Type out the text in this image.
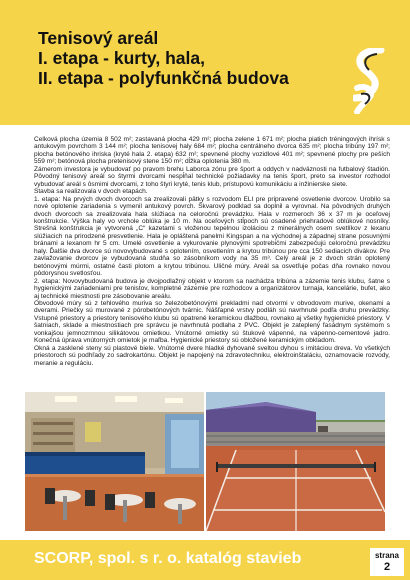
Tenisový areál
I. etapa - kurty, hala,
II. etapa - polyfunkčná budova

Celková plocha územia 8 502 m²; zastavaná plocha 429 m²; plocha zelene 1 671 m²; plocha piatich tréningových ihrísk s antukovým povrchom 3 144 m²; plocha tenisovej haly 684 m²; plocha centrálneho dvorca 635 m²; plocha tribúny 197 m²; plocha betónového ihriska (kryté hala 2. etapa) 632 m²; spevnené plochy vozidlové 401 m²; spevnené plochy pre peších 559 m²; betónová plocha pretenisový stene 150 m²; dĺžka oplotenia 380 m.

Zámerom investora je vybudovať po pravom brehu Laborca zónu pre šport a oddych v nadväznosti na futbalový štadión. Pôvodný tenisový areál so štyrmi dvorcami nespĺňal technické požiadavky na tenis šport, preto sa investor rozhodol vybudovať areál s ôsmimi dvorcami, z toho štyri kryté, tenis klub, prístupovú komunikáciu a inžinierske siete.

Stavba sa realizovala v dvoch etapách.

1. etapa: Na prvých dvoch dvorcoch sa zrealizovali pätky s rozvodom ELI pre pripravené osvetlenie dvorcov. Urobilo sa nové oplotenie zariadenia s vymenil antukový povrch. Škvarový podklad sa doplnil a vyrovnal. Na pôvodných druhých dvoch dvorcoch sa zrealizovala hala slúžiaca na celoročnú prevádzku. Hala v rozmeroch 36 x 37 m je oceľovej konštrukcie. Výška haly vo vrchole oblúka je 10 m. Na oceľových stĺpoch sú osadené priehradové oblúkové nosníky. Strešná konštrukcia je vytvorená „C“ kazetami s vloženou tepelnou izoláciou z minerálnych osem svetlíkov z lexanu slúžiacich na prirodzené presvetlenie. Hala je opláštená panelmi Kingspan a na východnej a západnej strane posuvnými bránami a lexanom hr 5 cm. Umelé osvetlenie a vykurovanie plynovými spotrebičmi zabezpečujú celoročnú prevádzku haly. Ďalšie dva dvorce sú novovybudované s oplotením, osvetlením a krytou tribúnou pre cca 150 sediacich divákov. Pre zavlažovanie dvorcov je vybudovaná studňa so zásobníkom vody na 35 m³. Celý areál je z dvoch strán oplotený betónovými múrmi, ostatné časti plotom a krytou tribúnou. Uličné múry. Areál sa osvetľuje počas dňa rovnako novou pôdorysnou svetlosťou.

2. etapa: Novovybudovaná budova je dvojpodlažný objekt v ktorom sa nachádza tribúna a zázemie tenis klubu, šatne s hygienickými zariadeniami pre tenistov, kompletné zázemie pre rozhodcov a organizátorov turnaja, kancelárie, bufet, ako aj technické miestnosti pre zásobovanie areálu.

Obvodové múry sú z tehlového muriva so železobetónovými prekladmi nad otvormi v obvodovom murive, okenami a dverami. Priečky sú murované z pórobetónových tvárnic. Nášľapné vrstvy podláh sú navrhnuté podľa druhu prevádzky. Vstupné priestory a priestory tenisového klubu sú opatrené keramickou dlažbou, rovnako aj všetky hygienické priestory. V šatniach, sklade a miestnostiach pre správcu je navrhnutá podlaha z PVC. Objekt je zateplený fasádnym systémom s vonkajšou jemnozrnnou silikátovou omietkou. Vnútorné omietky sú štukové vápenné, na vápenno-cementové jadro. Konečná úprava vnútorných omietok je maľba. Hygienické priestory sú obložené keramickým obkladom.

Okná a zasklené steny sú plastové biele. Vnútorné dvere hladké dyhované sveltou dyhou s imitáciou dreva. Vo všetkých priestoroch sú podhľady zo sadrokartónu. Objekt je napojený na zdravotechniku, elektroinštaláciu, oznamovacie rozvody, meranie a reguláciu.

SCORP, spol. s r. o. katalóg stavieb	strana
2
